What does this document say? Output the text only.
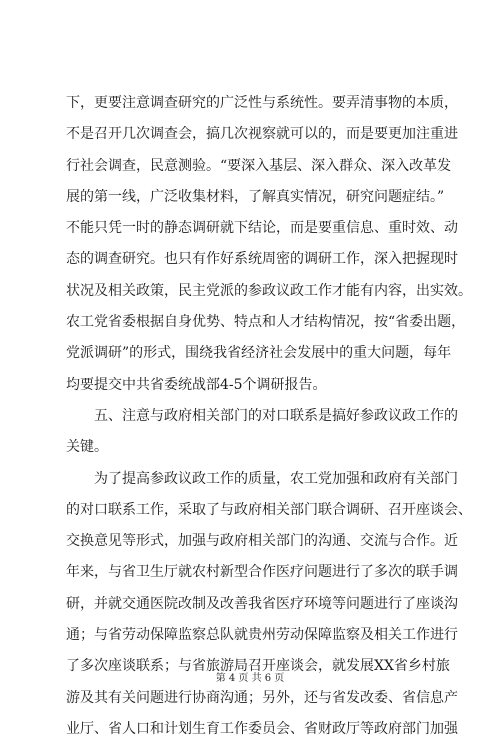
下，更要注意调查研究的广泛性与系统性。要弄清事物的本质，
不是召开几次调查会，搞几次视察就可以的，而是要更加注重进
行社会调查，民意测验。“要深入基层、深入群众、深入改革发
展的第一线，广泛收集材料，了解真实情况，研究问题症结。”
不能只凭一时的静态调研就下结论，而是要重信息、重时效、动
态的调查研究。也只有作好系统周密的调研工作，深入把握现时
状况及相关政策，民主党派的参政议政工作才能有内容，出实效。
农工党省委根据自身优势、特点和人才结构情况，按“省委出题，
党派调研”的形式，围绕我省经济社会发展中的重大问题，每年
均要提交中共省委统战部4-5个调研报告。
五、注意与政府相关部门的对口联系是搞好参政议政工作的
关键。
为了提高参政议政工作的质量，农工党加强和政府有关部门
的对口联系工作，采取了与政府相关部门联合调研、召开座谈会、
交换意见等形式，加强与政府相关部门的沟通、交流与合作。近
年来，与省卫生厅就农村新型合作医疗问题进行了多次的联手调
研，并就交通医院改制及改善我省医疗环境等问题进行了座谈沟
通；与省劳动保障监察总队就贵州劳动保障监察及相关工作进行
了多次座谈联系；与省旅游局召开座谈会，就发展XX省乡村旅
游及其有关问题进行协商沟通；另外，还与省发改委、省信息产
业厅、省人口和计划生育工作委员会、省财政厅等政府部门加强
第 4 页 共 6 页
